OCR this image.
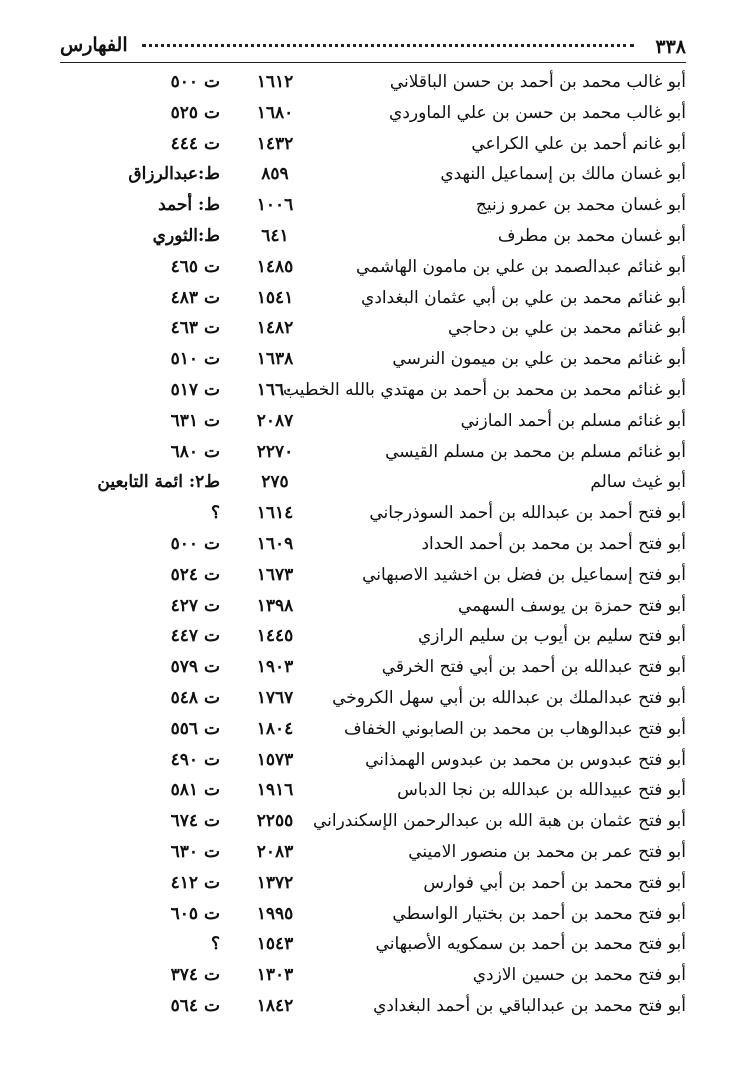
٣٣٨
الفهارس
أبو غالب محمد بن أحمد بن حسن الباقلاني
١٦١٢
ت ٥٠٠
أبو غالب محمد بن حسن بن علي الماوردي
١٦٨٠
ت ٥٢٥
أبو غانم أحمد بن علي الكراعي
١٤٣٢
ت ٤٤٤
أبو غسان مالك بن إسماعيل النهدي
٨٥٩
ط:عبدالرزاق
أبو غسان محمد بن عمرو زنيج
١٠٠٦
ط: أحمد
أبو غسان محمد بن مطرف
٦٤١
ط:الثوري
أبو غنائم عبدالصمد بن علي بن مامون الهاشمي
١٤٨٥
ت ٤٦٥
أبو غنائم محمد بن علي بن أبي عثمان البغدادي
١٥٤١
ت ٤٨٣
أبو غنائم محمد بن علي بن دحاجي
١٤٨٢
ت ٤٦٣
أبو غنائم محمد بن علي بن ميمون النرسي
١٦٣٨
ت ٥١٠
أبو غنائم محمد بن محمد بن أحمد بن مهتدي بالله الخطيب
١٦٦٠
ت ٥١٧
أبو غنائم مسلم بن أحمد المازني
٢٠٨٧
ت ٦٣١
أبو غنائم مسلم بن محمد بن مسلم القيسي
٢٢٧٠
ت ٦٨٠
أبو غيث سالم
٢٧٥
ط٢: ائمة التابعين
أبو فتح أحمد بن عبدالله بن أحمد السوذرجاني
١٦١٤
؟
أبو فتح أحمد بن محمد بن أحمد الحداد
١٦٠٩
ت ٥٠٠
أبو فتح إسماعيل بن فضل بن اخشيد الاصبهاني
١٦٧٣
ت ٥٢٤
أبو فتح حمزة بن يوسف السهمي
١٣٩٨
ت ٤٢٧
أبو فتح سليم بن أيوب بن سليم الرازي
١٤٤٥
ت ٤٤٧
أبو فتح عبدالله بن أحمد بن أبي فتح الخرقي
١٩٠٣
ت ٥٧٩
أبو فتح عبدالملك بن عبدالله بن أبي سهل الكروخي
١٧٦٧
ت ٥٤٨
أبو فتح عبدالوهاب بن محمد بن الصابوني الخفاف
١٨٠٤
ت ٥٥٦
أبو فتح عبدوس بن محمد بن عبدوس الهمذاني
١٥٧٣
ت ٤٩٠
أبو فتح عبيدالله بن عبدالله بن نجا الدباس
١٩١٦
ت ٥٨١
أبو فتح عثمان بن هبة الله بن عبدالرحمن الإسكندراني
٢٢٥٥
ت ٦٧٤
أبو فتح عمر بن محمد بن منصور الاميني
٢٠٨٣
ت ٦٣٠
أبو فتح محمد بن أحمد بن أبي فوارس
١٣٧٢
ت ٤١٢
أبو فتح محمد بن أحمد بن بختيار الواسطي
١٩٩٥
ت ٦٠٥
أبو فتح محمد بن أحمد بن سمكويه الأصبهاني
١٥٤٣
؟
أبو فتح محمد بن حسين الازدي
١٣٠٣
ت ٣٧٤
أبو فتح محمد بن عبدالباقي بن أحمد البغدادي
١٨٤٢
ت ٥٦٤
